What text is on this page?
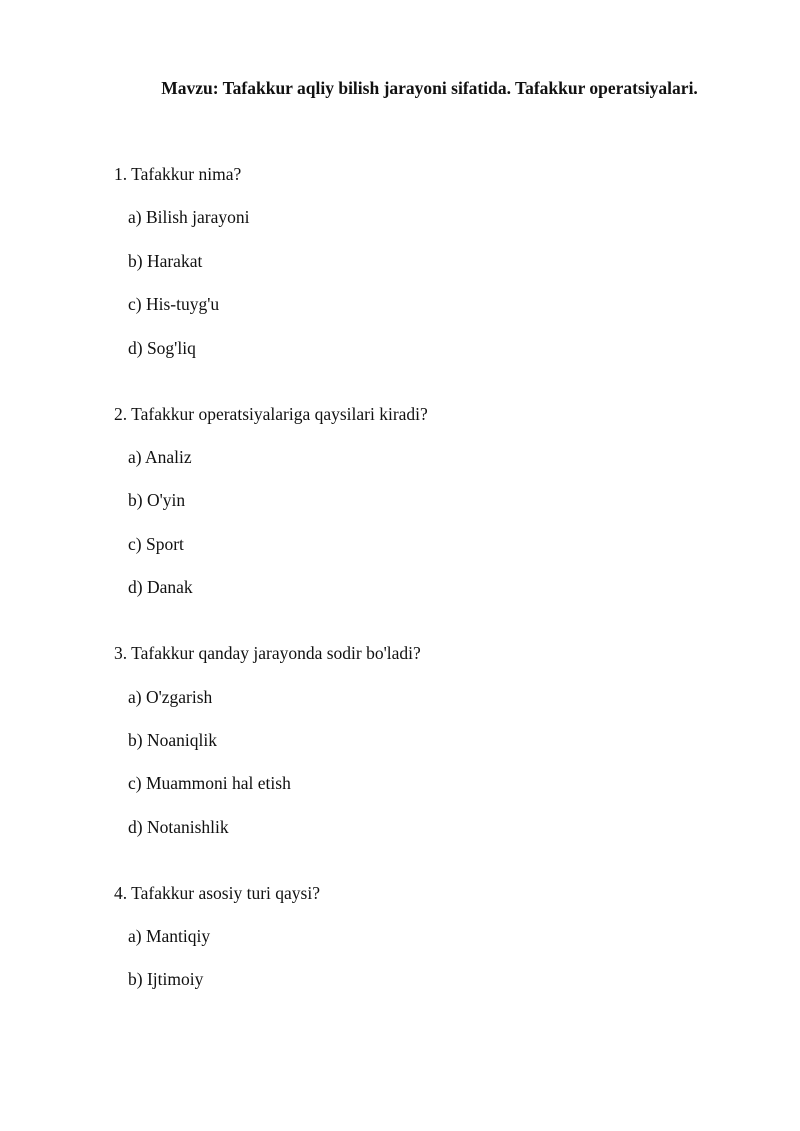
Mavzu: Tafakkur aqliy bilish jarayoni sifatida. Tafakkur operatsiyalari.
1. Tafakkur nima?
a) Bilish jarayoni
b) Harakat
c) His-tuyg'u
d) Sog'liq
2. Tafakkur operatsiyalariga qaysilari kiradi?
a) Analiz
b) O'yin
c) Sport
d) Danak
3. Tafakkur qanday jarayonda sodir bo'ladi?
a) O'zgarish
b) Noaniqlik
c) Muammoni hal etish
d) Notanishlik
4. Tafakkur asosiy turi qaysi?
a) Mantiqiy
b) Ijtimoiy
